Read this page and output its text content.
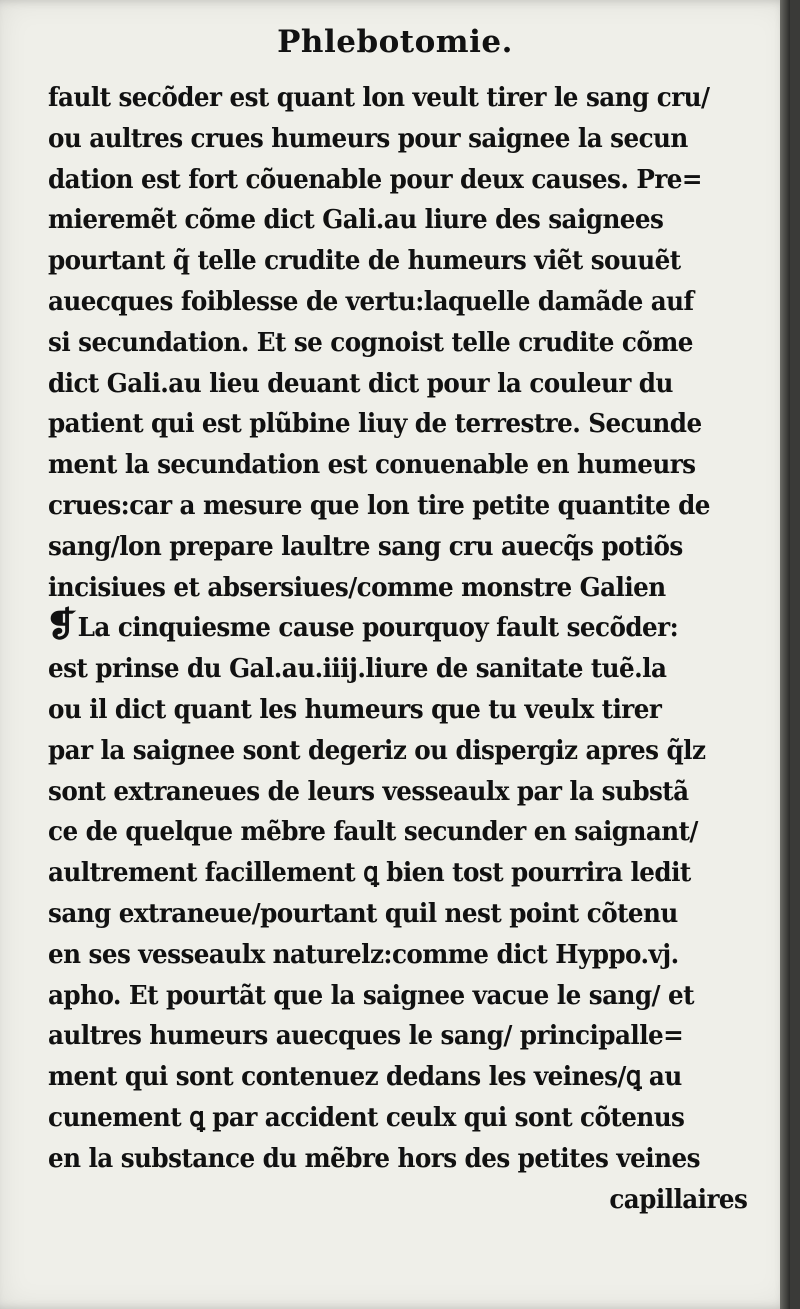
Phlebotomie.
fault secõder est quant lon veult tirer le sang cru/
ou aultres crues humeurs pour saignee la secun
dation est fort cõuenable pour deux causes. Pre=
mieremẽt cõme dict Gali.au liure des saignees
pourtant q̃ telle crudite de humeurs viẽt souuẽt
auecques foiblesse de vertu:laquelle damãde auf
si secundation. Et se cognoist telle crudite cõme
dict Gali.au lieu deuant dict pour la couleur du
patient qui est plũbine liuy de terrestre. Secunde
ment la secundation est conuenable en humeurs
crues:car a mesure que lon tire petite quantite de
sang/lon prepare laultre sang cru auecq̃s potiõs
incisiues et absersiues/comme monstre Galien
❡La cinquiesme cause pourquoy fault secõder:
est prinse du Gal.au.iiij.liure de sanitate tuẽ.la
ou il dict quant les humeurs que tu veulx tirer
par la saignee sont degeriz ou dispergiz apres q̃lz
sont extraneues de leurs vesseaulx par la substã
ce de quelque mẽbre fault secunder en saignant/
aultrement facillement ꝗ bien tost pourrira ledit
sang extraneue/pourtant quil nest point cõtenu
en ses vesseaulx naturelz:comme dict Hyppo.vj.
apho. Et pourtãt que la saignee vacue le sang/ et
aultres humeurs auecques le sang/ principalle=
ment qui sont contenuez dedans les veines/ꝗ au
cunement ꝗ par accident ceulx qui sont cõtenus
en la substance du mẽbre hors des petites veines
capillaires
